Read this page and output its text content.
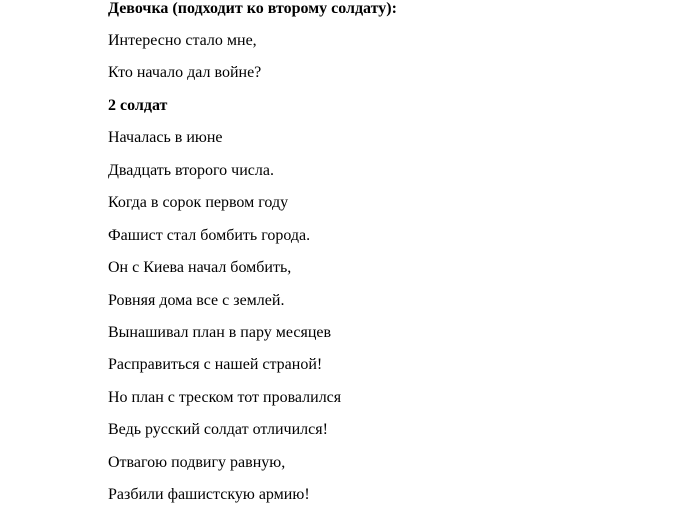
Девочка (подходит ко второму солдату):
Интересно стало мне,
Кто начало дал войне?
2 солдат
Началась в июне
Двадцать второго числа.
Когда в сорок первом году
Фашист стал бомбить города.
Он с Киева начал бомбить,
Ровняя дома все с землей.
Вынашивал план в пару месяцев
Расправиться с нашей страной!
Но план с треском тот провалился
Ведь русский солдат отличился!
Отвагою подвигу равную,
Разбили фашистскую армию!
